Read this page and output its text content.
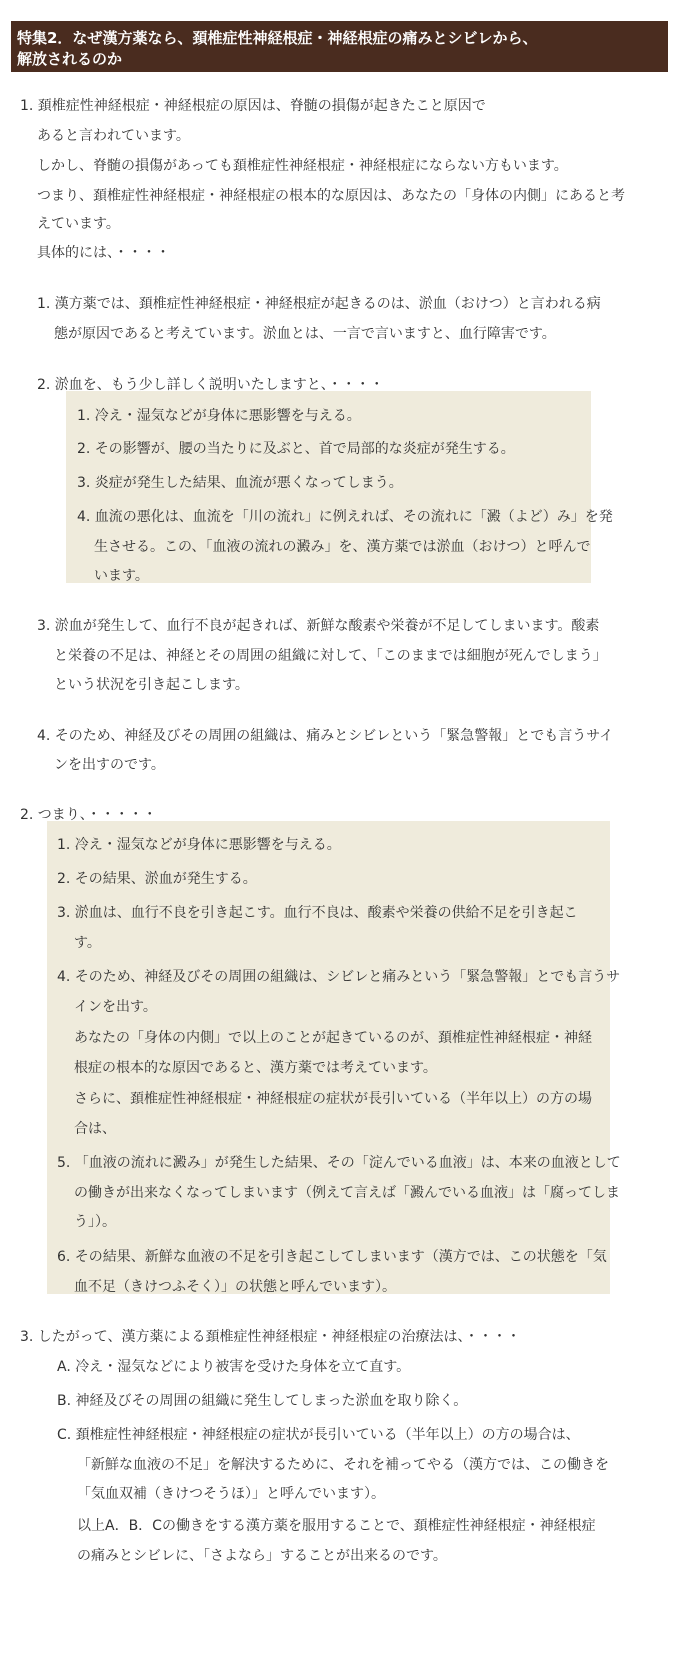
特集2．なぜ漢方薬なら、頚椎症性神経根症・神経根症の痛みとシビレから、
解放されるのか
1. 頚椎症性神経根症・神経根症の原因は、脊髄の損傷が起きたこと原因で
あると言われています。
しかし、脊髄の損傷があっても頚椎症性神経根症・神経根症にならない方もいます。
つまり、頚椎症性神経根症・神経根症の根本的な原因は、あなたの「身体の内側」にあると考
えています。
具体的には、・・・・
1. 漢方薬では、頚椎症性神経根症・神経根症が起きるのは、淤血（おけつ）と言われる病
態が原因であると考えています。淤血とは、一言で言いますと、血行障害です。
2. 淤血を、もう少し詳しく説明いたしますと、・・・・
1. 冷え・湿気などが身体に悪影響を与える。
2. その影響が、腰の当たりに及ぶと、首で局部的な炎症が発生する。
3. 炎症が発生した結果、血流が悪くなってしまう。
4. 血流の悪化は、血流を「川の流れ」に例えれば、その流れに「澱（よど）み」を発
生させる。この、「血液の流れの澱み」を、漢方薬では淤血（おけつ）と呼んで
います。
3. 淤血が発生して、血行不良が起きれば、新鮮な酸素や栄養が不足してしまいます。酸素
と栄養の不足は、神経とその周囲の組織に対して、「このままでは細胞が死んでしまう」
という状況を引き起こします。
4. そのため、神経及びその周囲の組織は、痛みとシビレという「緊急警報」とでも言うサイ
ンを出すのです。
2. つまり、・・・・・
1. 冷え・湿気などが身体に悪影響を与える。
2. その結果、淤血が発生する。
3. 淤血は、血行不良を引き起こす。血行不良は、酸素や栄養の供給不足を引き起こ
す。
4. そのため、神経及びその周囲の組織は、シビレと痛みという「緊急警報」とでも言うサ
インを出す。
あなたの「身体の内側」で以上のことが起きているのが、頚椎症性神経根症・神経
根症の根本的な原因であると、漢方薬では考えています。
さらに、頚椎症性神経根症・神経根症の症状が長引いている（半年以上）の方の場
合は、
5. 「血液の流れに澱み」が発生した結果、その「淀んでいる血液」は、本来の血液として
の働きが出来なくなってしまいます（例えて言えば「澱んでいる血液」は「腐ってしま
う」）。
6. その結果、新鮮な血液の不足を引き起こしてしまいます（漢方では、この状態を「気
血不足（きけつふそく）」の状態と呼んでいます）。
3. したがって、漢方薬による頚椎症性神経根症・神経根症の治療法は、・・・・
A. 冷え・湿気などにより被害を受けた身体を立て直す。
B. 神経及びその周囲の組織に発生してしまった淤血を取り除く。
C. 頚椎症性神経根症・神経根症の症状が長引いている（半年以上）の方の場合は、
「新鮮な血液の不足」を解決するために、それを補ってやる（漢方では、この働きを
「気血双補（きけつそうほ）」と呼んでいます）。
以上A．B．Cの働きをする漢方薬を服用することで、頚椎症性神経根症・神経根症
の痛みとシビレに、「さよなら」することが出来るのです。
